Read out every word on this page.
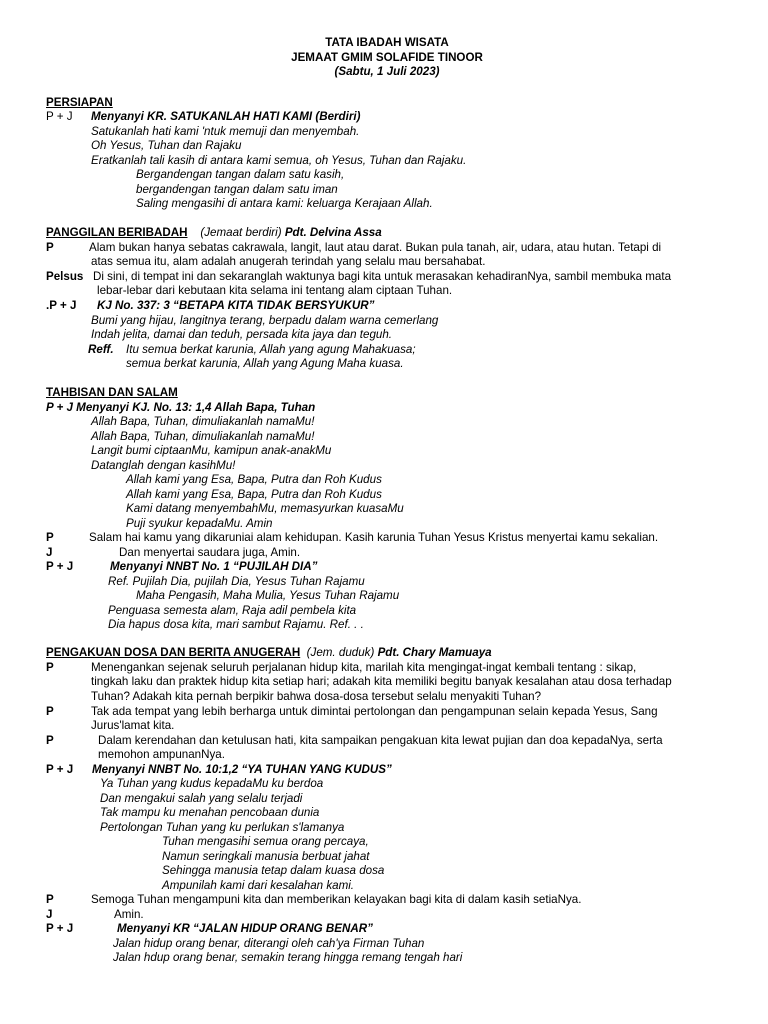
TATA IBADAH WISATA
JEMAAT GMIM SOLAFIDE TINOOR
(Sabtu, 1 Juli 2023)
PERSIAPAN
P + J Menyanyi KR. SATUKANLAH HATI KAMI (Berdiri)
Satukanlah hati kami 'ntuk memuji dan menyembah.
Oh Yesus, Tuhan dan Rajaku
Eratkanlah tali kasih di antara kami semua, oh Yesus, Tuhan dan Rajaku.
Bergandengan tangan dalam satu kasih,
bergandengan tangan dalam satu iman
Saling mengasihi di antara kami: keluarga Kerajaan Allah.
PANGGILAN BERIBADAH (Jemaat berdiri) Pdt. Delvina Assa
P	Alam bukan hanya sebatas cakrawala, langit, laut atau darat. Bukan pula tanah, air, udara, atau hutan. Tetapi di
atas semua itu, alam adalah anugerah terindah yang selalu mau bersahabat.
Pelsus Di sini, di tempat ini dan sekaranglah waktunya bagi kita untuk merasakan kehadiranNya, sambil membuka mata
lebar-lebar dari kebutaan kita selama ini tentang alam ciptaan Tuhan.
.P + J KJ No. 337: 3 “BETAPA KITA TIDAK BERSYUKUR”
Bumi yang hijau, langitnya terang, berpadu dalam warna cemerlang
Indah jelita, damai dan teduh, persada kita jaya dan teguh.
Reff. Itu semua berkat karunia, Allah yang agung Mahakuasa;
semua berkat karunia, Allah yang Agung Maha kuasa.
TAHBISAN DAN SALAM
P + J Menyanyi KJ. No. 13: 1,4 Allah Bapa, Tuhan
Allah Bapa, Tuhan, dimuliakanlah namaMu!
Allah Bapa, Tuhan, dimuliakanlah namaMu!
Langit bumi ciptaanMu, kamipun anak-anakMu
Datanglah dengan kasihMu!
Allah kami yang Esa, Bapa, Putra dan Roh Kudus
Allah kami yang Esa, Bapa, Putra dan Roh Kudus
Kami datang menyembahMu, memasyurkan kuasaMu
Puji syukur kepadaMu. Amin
P	Salam hai kamu yang dikaruniai alam kehidupan. Kasih karunia Tuhan Yesus Kristus menyertai kamu sekalian.
J	Dan menyertai saudara juga, Amin.
P + J	Menyanyi NNBT No. 1 “PUJILAH DIA”
Ref. Pujilah Dia, pujilah Dia, Yesus Tuhan Rajamu
Maha Pengasih, Maha Mulia, Yesus Tuhan Rajamu
Penguasa semesta alam, Raja adil pembela kita
Dia hapus dosa kita, mari sambut Rajamu. Ref. . .
PENGAKUAN DOSA DAN BERITA ANUGERAH (Jem. duduk) Pdt. Chary Mamuaya
P	Menengankan sejenak seluruh perjalanan hidup kita, marilah kita mengingat-ingat kembali tentang : sikap,
tingkah laku dan praktek hidup kita setiap hari; adakah kita memiliki begitu banyak kesalahan atau dosa terhadap
Tuhan? Adakah kita pernah berpikir bahwa dosa-dosa tersebut selalu menyakiti Tuhan?
P	Tak ada tempat yang lebih berharga untuk dimintai pertolongan dan pengampunan selain kepada Yesus, Sang
Jurus'lamat kita.
P	Dalam kerendahan dan ketulusan hati, kita sampaikan pengakuan kita lewat pujian dan doa kepadaNya, serta
memohon ampunanNya.
P + J Menyanyi NNBT No. 10:1,2 “YA TUHAN YANG KUDUS”
Ya Tuhan yang kudus kepadaMu ku berdoa
Dan mengakui salah yang selalu terjadi
Tak mampu ku menahan pencobaan dunia
Pertolongan Tuhan yang ku perlukan s'lamanya
Tuhan mengasihi semua orang percaya,
Namun seringkali manusia berbuat jahat
Sehingga manusia tetap dalam kuasa dosa
Ampunilah kami dari kesalahan kami.
P	Semoga Tuhan mengampuni kita dan memberikan kelayakan bagi kita di dalam kasih setiaNya.
J	Amin.
P + J	Menyanyi KR “JALAN HIDUP ORANG BENAR”
Jalan hidup orang benar, diterangi oleh cah'ya Firman Tuhan
Jalan hdup orang benar, semakin terang hingga remang tengah hari
